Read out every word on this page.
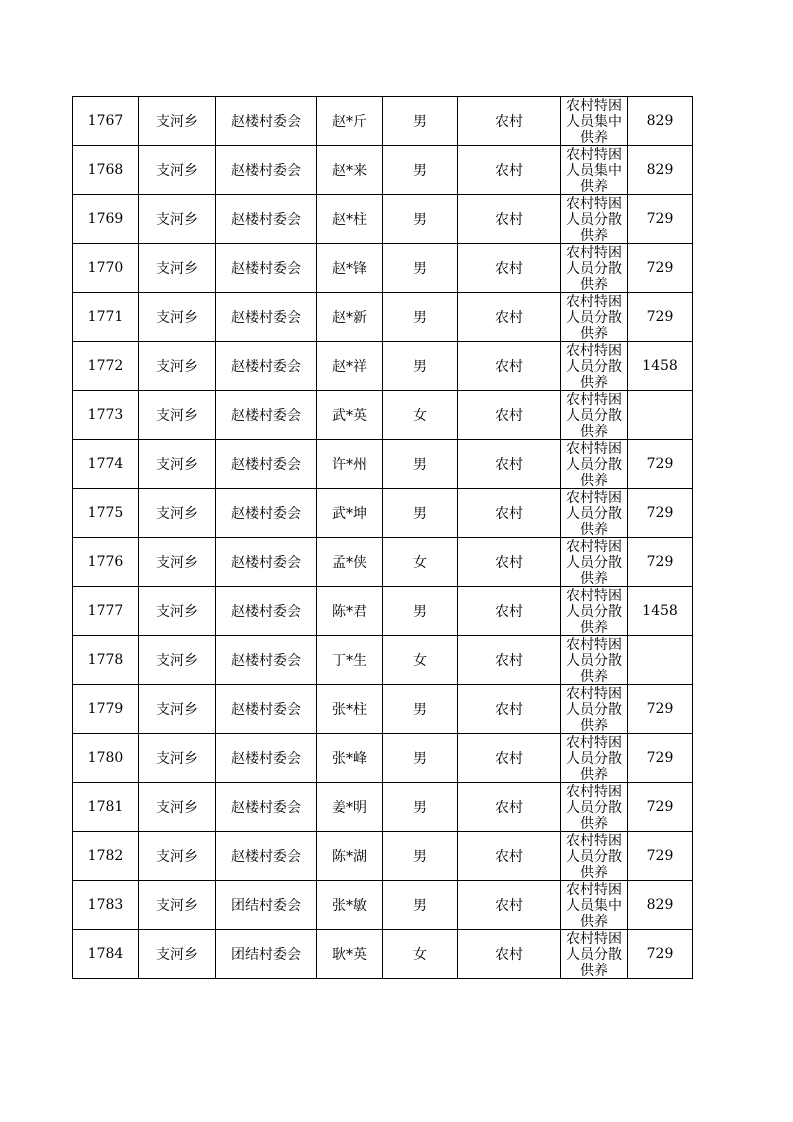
1767	支河乡	赵楼村委会	赵*斤	男	农村	农村特困人员集中供养	829
1768	支河乡	赵楼村委会	赵*来	男	农村	农村特困人员集中供养	829
1769	支河乡	赵楼村委会	赵*柱	男	农村	农村特困人员分散供养	729
1770	支河乡	赵楼村委会	赵*锋	男	农村	农村特困人员分散供养	729
1771	支河乡	赵楼村委会	赵*新	男	农村	农村特困人员分散供养	729
1772	支河乡	赵楼村委会	赵*祥	男	农村	农村特困人员分散供养	1458
1773	支河乡	赵楼村委会	武*英	女	农村	农村特困人员分散供养	

1774	支河乡	赵楼村委会	许*州	男	农村	农村特困人员分散供养	729
1775	支河乡	赵楼村委会	武*坤	男	农村	农村特困人员分散供养	729
1776	支河乡	赵楼村委会	孟*侠	女	农村	农村特困人员分散供养	729
1777	支河乡	赵楼村委会	陈*君	男	农村	农村特困人员分散供养	1458
1778	支河乡	赵楼村委会	丁*生	女	农村	农村特困人员分散供养	

1779	支河乡	赵楼村委会	张*柱	男	农村	农村特困人员分散供养	729
1780	支河乡	赵楼村委会	张*峰	男	农村	农村特困人员分散供养	729
1781	支河乡	赵楼村委会	姜*明	男	农村	农村特困人员分散供养	729
1782	支河乡	赵楼村委会	陈*湖	男	农村	农村特困人员分散供养	729
1783	支河乡	团结村委会	张*敏	男	农村	农村特困人员集中供养	829
1784	支河乡	团结村委会	耿*英	女	农村	农村特困人员分散供养	729
